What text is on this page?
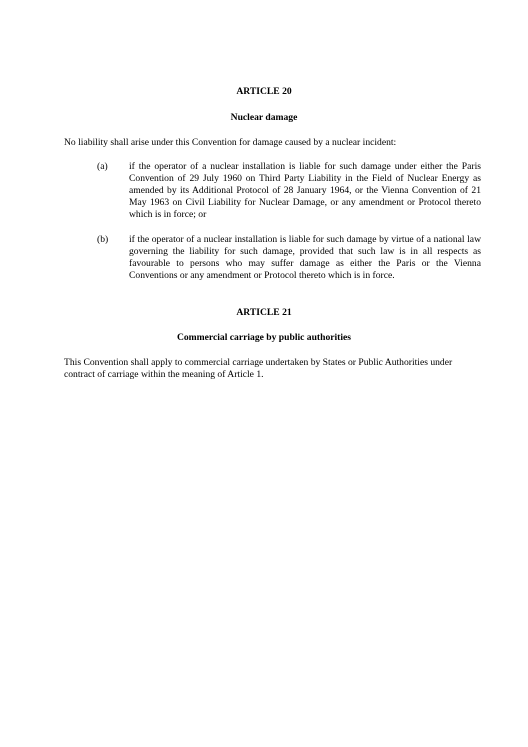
ARTICLE 20
Nuclear damage
No liability shall arise under this Convention for damage caused by a nuclear incident:
(a)	if the operator of a nuclear installation is liable for such damage under either the Paris Convention of 29 July 1960 on Third Party Liability in the Field of Nuclear Energy as amended by its Additional Protocol of 28 January 1964, or the Vienna Convention of 21 May 1963 on Civil Liability for Nuclear Damage, or any amendment or Protocol thereto which is in force; or
(b)	if the operator of a nuclear installation is liable for such damage by virtue of a national law governing the liability for such damage, provided that such law is in all respects as favourable to persons who may suffer damage as either the Paris or the Vienna Conventions or any amendment or Protocol thereto which is in force.
ARTICLE 21
Commercial carriage by public authorities
This Convention shall apply to commercial carriage undertaken by States or Public Authorities under contract of carriage within the meaning of Article 1.
